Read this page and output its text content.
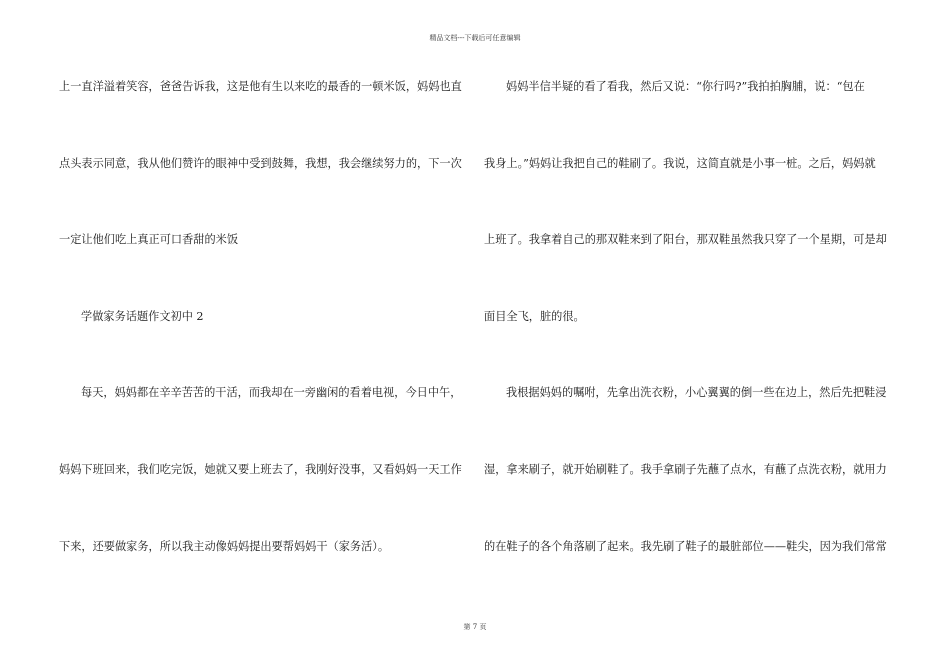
精品文档---下载后可任意编辑
上一直洋溢着笑容，爸爸告诉我，这是他有生以来吃的最香的一顿米饭，妈妈也直
点头表示同意，我从他们赞许的眼神中受到鼓舞，我想，我会继续努力的，下一次
一定让他们吃上真正可口香甜的米饭
学做家务话题作文初中 2
每天，妈妈都在辛辛苦苦的干活，而我却在一旁幽闲的看着电视，今日中午，
妈妈下班回来，我们吃完饭，她就又要上班去了，我刚好没事，又看妈妈一天工作
下来，还要做家务，所以我主动像妈妈提出要帮妈妈干（家务活）。
妈妈半信半疑的看了看我，然后又说：“你行吗?”我拍拍胸脯，说：“包在
我身上。”妈妈让我把自己的鞋刷了。我说，这简直就是小事一桩。之后，妈妈就
上班了。我拿着自己的那双鞋来到了阳台，那双鞋虽然我只穿了一个星期，可是却
面目全飞，脏的很。
我根据妈妈的嘱咐，先拿出洗衣粉，小心翼翼的倒一些在边上，然后先把鞋浸
湿，拿来刷子，就开始刷鞋了。我手拿刷子先蘸了点水，有蘸了点洗衣粉，就用力
的在鞋子的各个角落刷了起来。我先刷了鞋子的最脏部位——鞋尖，因为我们常常
第 7 页
